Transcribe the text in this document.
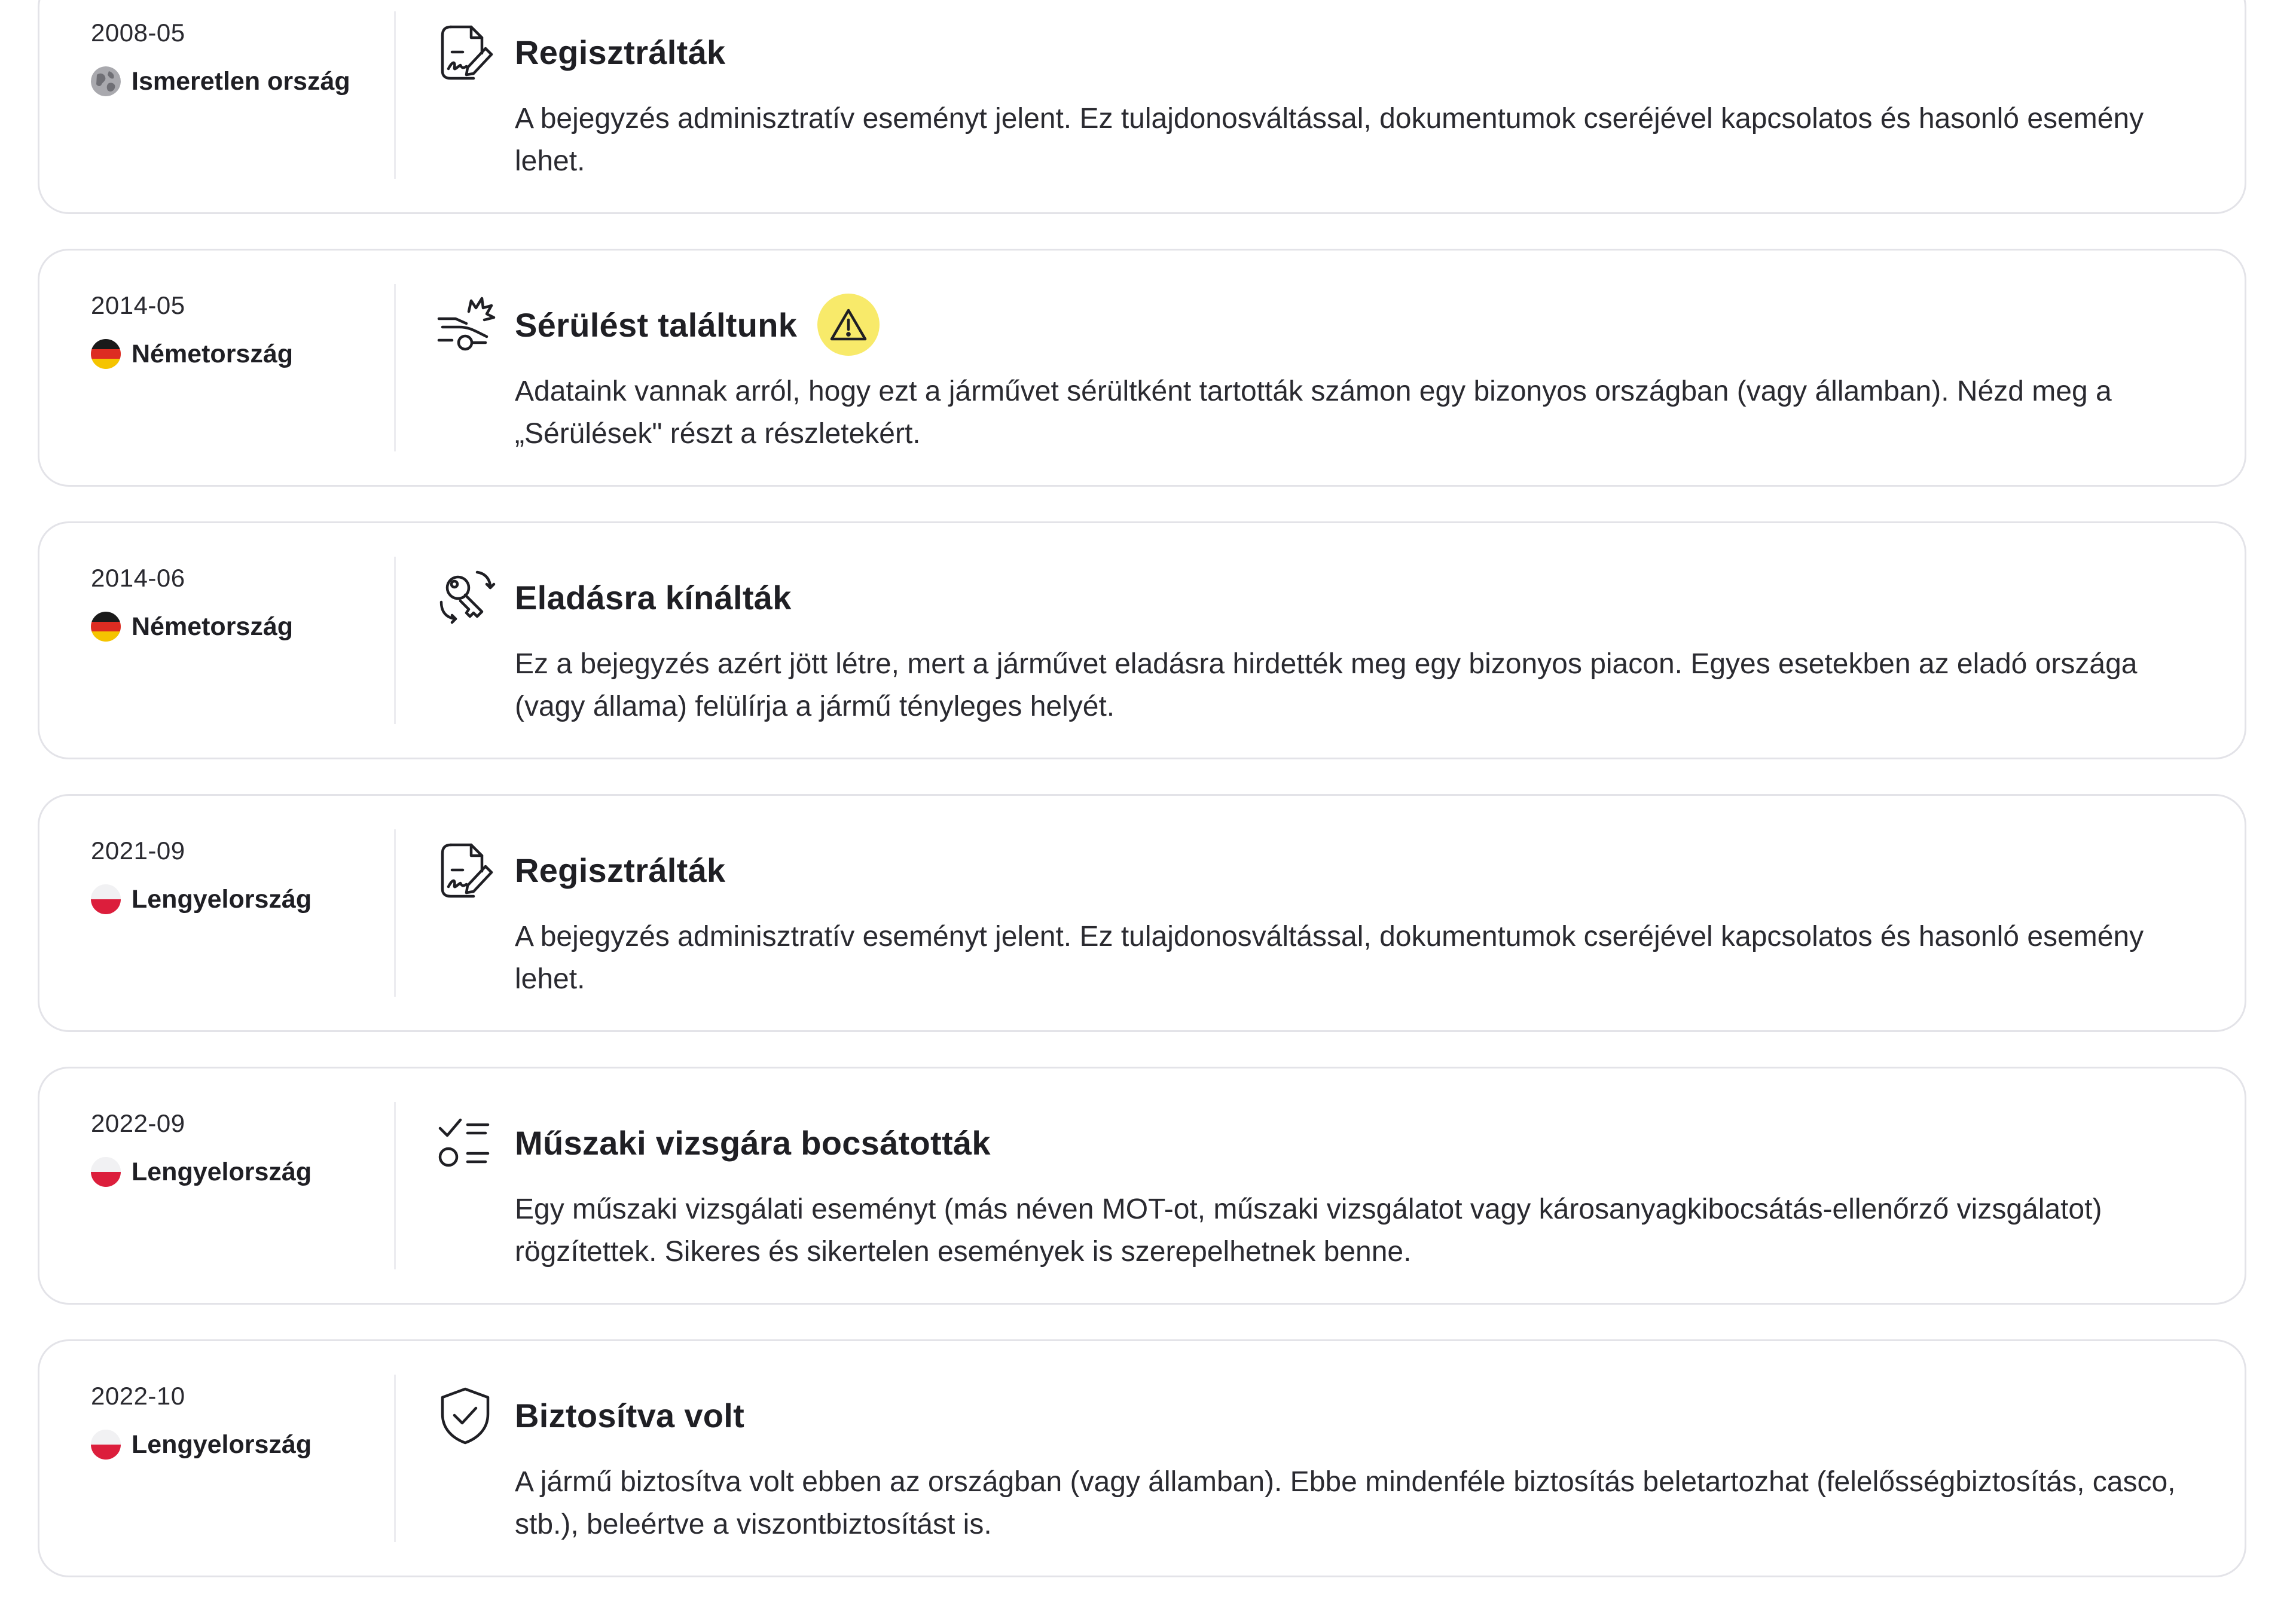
2008-05
Ismeretlen ország
Regisztrálták
A bejegyzés adminisztratív eseményt jelent. Ez tulajdonosváltással, dokumentumok cseréjével kapcsolatos és hasonló esemény lehet.
2014-05
Németország
Sérülést találtunk
Adataink vannak arról, hogy ezt a járművet sérültként tartották számon egy bizonyos országban (vagy államban). Nézd meg a „Sérülések" részt a részletekért.
2014-06
Németország
Eladásra kínálták
Ez a bejegyzés azért jött létre, mert a járművet eladásra hirdették meg egy bizonyos piacon. Egyes esetekben az eladó országa (vagy állama) felülírja a jármű tényleges helyét.
2021-09
Lengyelország
Regisztrálták
A bejegyzés adminisztratív eseményt jelent. Ez tulajdonosváltással, dokumentumok cseréjével kapcsolatos és hasonló esemény lehet.
2022-09
Lengyelország
Műszaki vizsgára bocsátották
Egy műszaki vizsgálati eseményt (más néven MOT-ot, műszaki vizsgálatot vagy károsanyagkibocsátás-ellenőrző vizsgálatot) rögzítettek. Sikeres és sikertelen események is szerepelhetnek benne.
2022-10
Lengyelország
Biztosítva volt
A jármű biztosítva volt ebben az országban (vagy államban). Ebbe mindenféle biztosítás beletartozhat (felelősségbiztosítás, casco, stb.), beleértve a viszontbiztosítást is.
